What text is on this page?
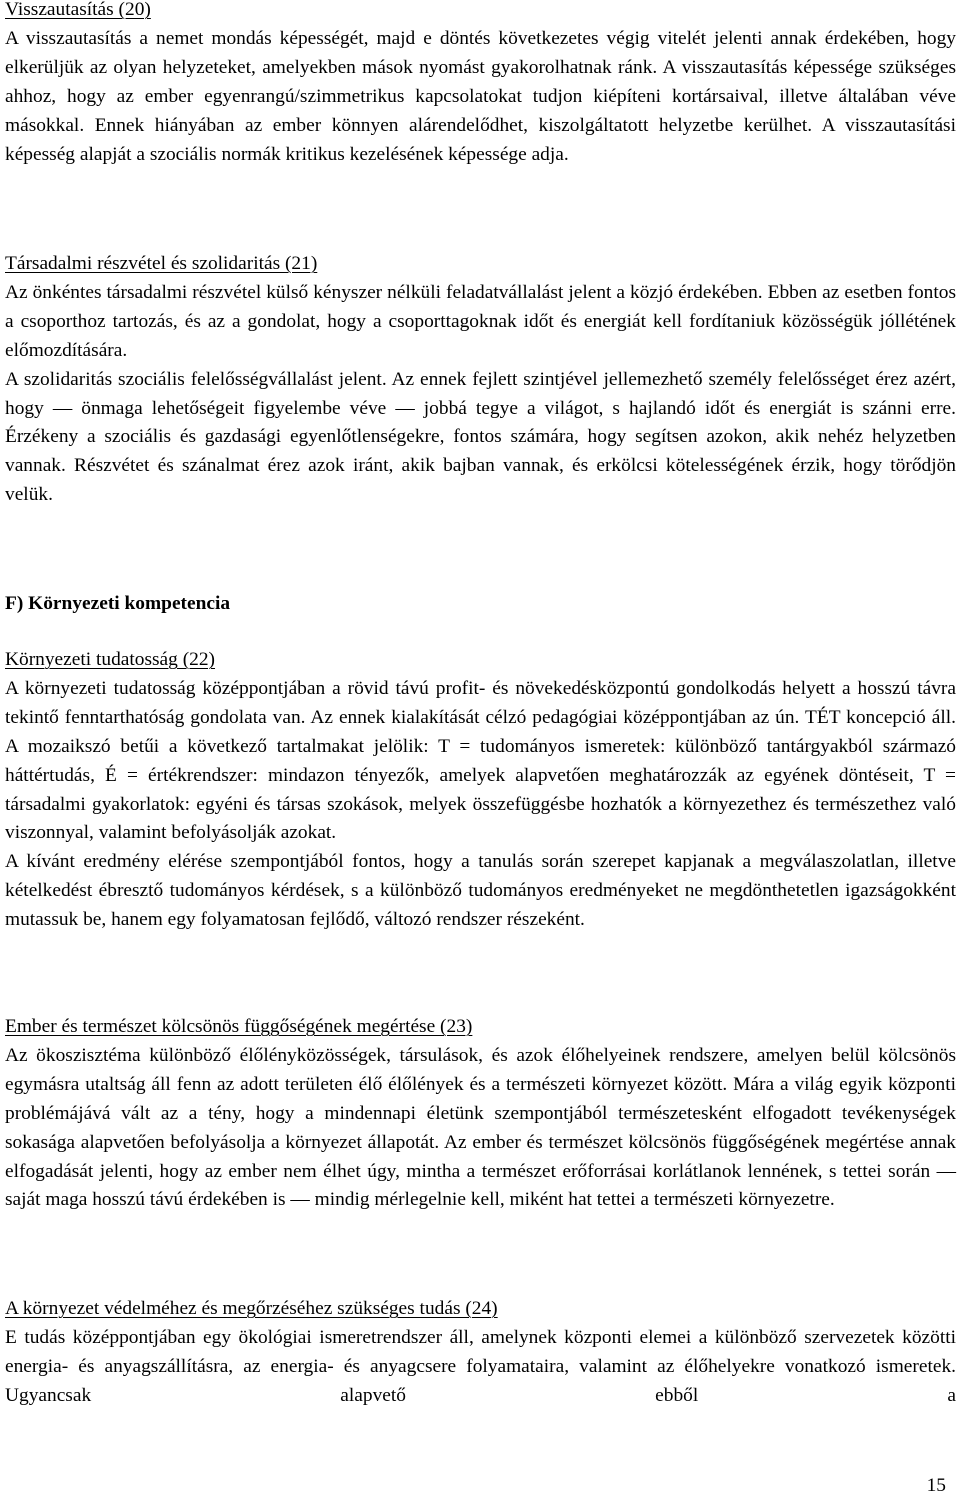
Visszautasítás (20)

A visszautasítás a nemet mondás képességét, majd e döntés következetes végig vitelét jelenti annak érdekében, hogy elkerüljük az olyan helyzeteket, amelyekben mások nyomást gyakorolhatnak ránk. A visszautasítás képessége szükséges ahhoz, hogy az ember egyenrangú/szimmetrikus kapcsolatokat tudjon kiépíteni kortársaival, illetve általában véve másokkal. Ennek hiányában az ember könnyen alárendelődhet, kiszolgáltatott helyzetbe kerülhet. A visszautasítási képesség alapját a szociális normák kritikus kezelésének képessége adja.

Társadalmi részvétel és szolidaritás (21)

Az önkéntes társadalmi részvétel külső kényszer nélküli feladatvállalást jelent a közjó érdekében. Ebben az esetben fontos a csoporthoz tartozás, és az a gondolat, hogy a csoporttagoknak időt és energiát kell fordítaniuk közösségük jóllétének előmozdítására.

A szolidaritás szociális felelősségvállalást jelent. Az ennek fejlett szintjével jellemezhető személy felelősséget érez azért, hogy — önmaga lehetőségeit figyelembe véve — jobbá tegye a világot, s hajlandó időt és energiát is szánni erre. Érzékeny a szociális és gazdasági egyenlőtlenségekre, fontos számára, hogy segítsen azokon, akik nehéz helyzetben vannak. Részvétet és szánalmat érez azok iránt, akik bajban vannak, és erkölcsi kötelességének érzik, hogy törődjön velük.

F) Környezeti kompetencia
Környezeti tudatosság (22)

A környezeti tudatosság középpontjában a rövid távú profit- és növekedésközpontú gondolkodás helyett a hosszú távra tekintő fenntarthatóság gondolata van. Az ennek kialakítását célzó pedagógiai középpontjában az ún. TÉT koncepció áll. A mozaikszó betűi a következő tartalmakat jelölik: T = tudományos ismeretek: különböző tantárgyakból származó háttértudás, É = értékrendszer: mindazon tényezők, amelyek alapvetően meghatározzák az egyének döntéseit, T = társadalmi gyakorlatok: egyéni és társas szokások, melyek összefüggésbe hozhatók a környezethez és természethez való viszonnyal, valamint befolyásolják azokat.

A kívánt eredmény elérése szempontjából fontos, hogy a tanulás során szerepet kapjanak a megválaszolatlan, illetve kételkedést ébresztő tudományos kérdések, s a különböző tudományos eredményeket ne megdönthetetlen igazságokként mutassuk be, hanem egy folyamatosan fejlődő, változó rendszer részeként.

Ember és természet kölcsönös függőségének megértése (23)

Az ökoszisztéma különböző élőlényközösségek, társulások, és azok élőhelyeinek rendszere, amelyen belül kölcsönös egymásra utaltság áll fenn az adott területen élő élőlények és a természeti környezet között. Mára a világ egyik központi problémájává vált az a tény, hogy a mindennapi életünk szempontjából természetesként elfogadott tevékenységek sokasága alapvetően befolyásolja a környezet állapotát. Az ember és természet kölcsönös függőségének megértése annak elfogadását jelenti, hogy az ember nem élhet úgy, mintha a természet erőforrásai korlátlanok lennének, s tettei során — saját maga hosszú távú érdekében is — mindig mérlegelnie kell, miként hat tettei a természeti környezetre.

A környezet védelméhez és megőrzéséhez szükséges tudás (24)

E tudás középpontjában egy ökológiai ismeretrendszer áll, amelynek központi elemei a különböző szervezetek közötti energia- és anyagszállításra, az energia- és anyagcsere folyamataira, valamint az élőhelyekre vonatkozó ismeretek. Ugyancsak alapvető ebből a

15
